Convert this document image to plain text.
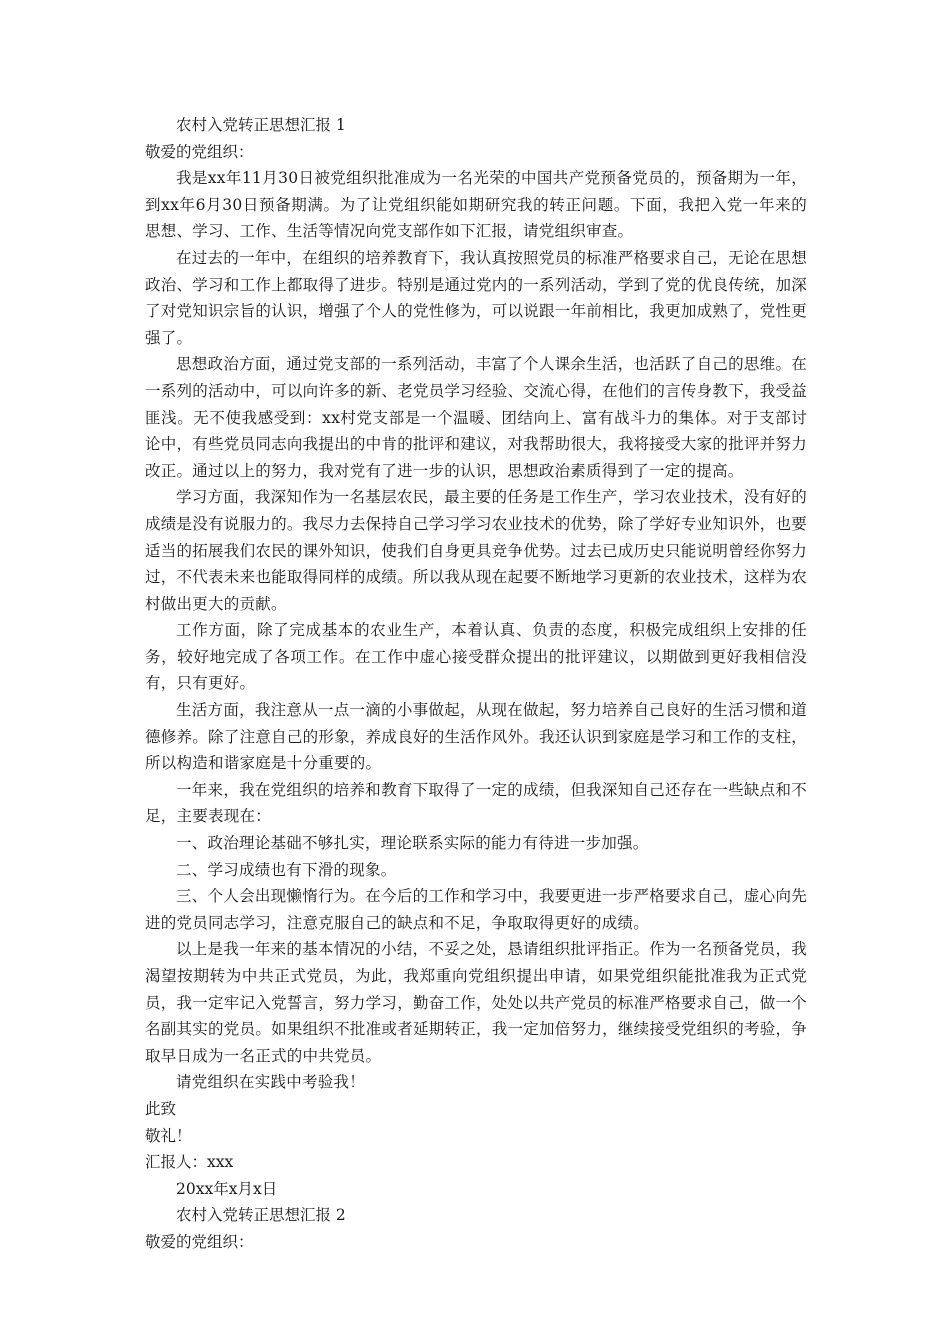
农村入党转正思想汇报 1

敬爱的党组织：

我是xx年11月30日被党组织批准成为一名光荣的中国共产党预备党员的，预备期为一年，到xx年6月30日预备期满。为了让党组织能如期研究我的转正问题。下面，我把入党一年来的思想、学习、工作、生活等情况向党支部作如下汇报，请党组织审查。

在过去的一年中，在组织的培养教育下，我认真按照党员的标准严格要求自己，无论在思想政治、学习和工作上都取得了进步。特别是通过党内的一系列活动，学到了党的优良传统，加深了对党知识宗旨的认识，增强了个人的党性修为，可以说跟一年前相比，我更加成熟了，党性更强了。

思想政治方面，通过党支部的一系列活动，丰富了个人课余生活，也活跃了自己的思维。在一系列的活动中，可以向许多的新、老党员学习经验、交流心得，在他们的言传身教下，我受益匪浅。无不使我感受到：xx村党支部是一个温暖、团结向上、富有战斗力的集体。对于支部讨论中，有些党员同志向我提出的中肯的批评和建议，对我帮助很大，我将接受大家的批评并努力改正。通过以上的努力，我对党有了进一步的认识，思想政治素质得到了一定的提高。

学习方面，我深知作为一名基层农民，最主要的任务是工作生产，学习农业技术，没有好的成绩是没有说服力的。我尽力去保持自己学习学习农业技术的优势，除了学好专业知识外，也要适当的拓展我们农民的课外知识，使我们自身更具竞争优势。过去已成历史只能说明曾经你努力过，不代表未来也能取得同样的成绩。所以我从现在起要不断地学习更新的农业技术，这样为农村做出更大的贡献。

工作方面，除了完成基本的农业生产，本着认真、负责的态度，积极完成组织上安排的任务，较好地完成了各项工作。在工作中虚心接受群众提出的批评建议，以期做到更好我相信没有，只有更好。

生活方面，我注意从一点一滴的小事做起，从现在做起，努力培养自己良好的生活习惯和道德修养。除了注意自己的形象，养成良好的生活作风外。我还认识到家庭是学习和工作的支柱，所以构造和谐家庭是十分重要的。

一年来，我在党组织的培养和教育下取得了一定的成绩，但我深知自己还存在一些缺点和不足，主要表现在：

一、政治理论基础不够扎实，理论联系实际的能力有待进一步加强。

二、学习成绩也有下滑的现象。

三、个人会出现懒惰行为。在今后的工作和学习中，我要更进一步严格要求自己，虚心向先进的党员同志学习，注意克服自己的缺点和不足，争取取得更好的成绩。

以上是我一年来的基本情况的小结，不妥之处，恳请组织批评指正。作为一名预备党员，我渴望按期转为中共正式党员，为此，我郑重向党组织提出申请，如果党组织能批准我为正式党员，我一定牢记入党誓言，努力学习，勤奋工作，处处以共产党员的标准严格要求自己，做一个名副其实的党员。如果组织不批准或者延期转正，我一定加倍努力，继续接受党组织的考验，争取早日成为一名正式的中共党员。

请党组织在实践中考验我！

此致

敬礼！

汇报人：xxx

20xx年x月x日

农村入党转正思想汇报 2

敬爱的党组织：
